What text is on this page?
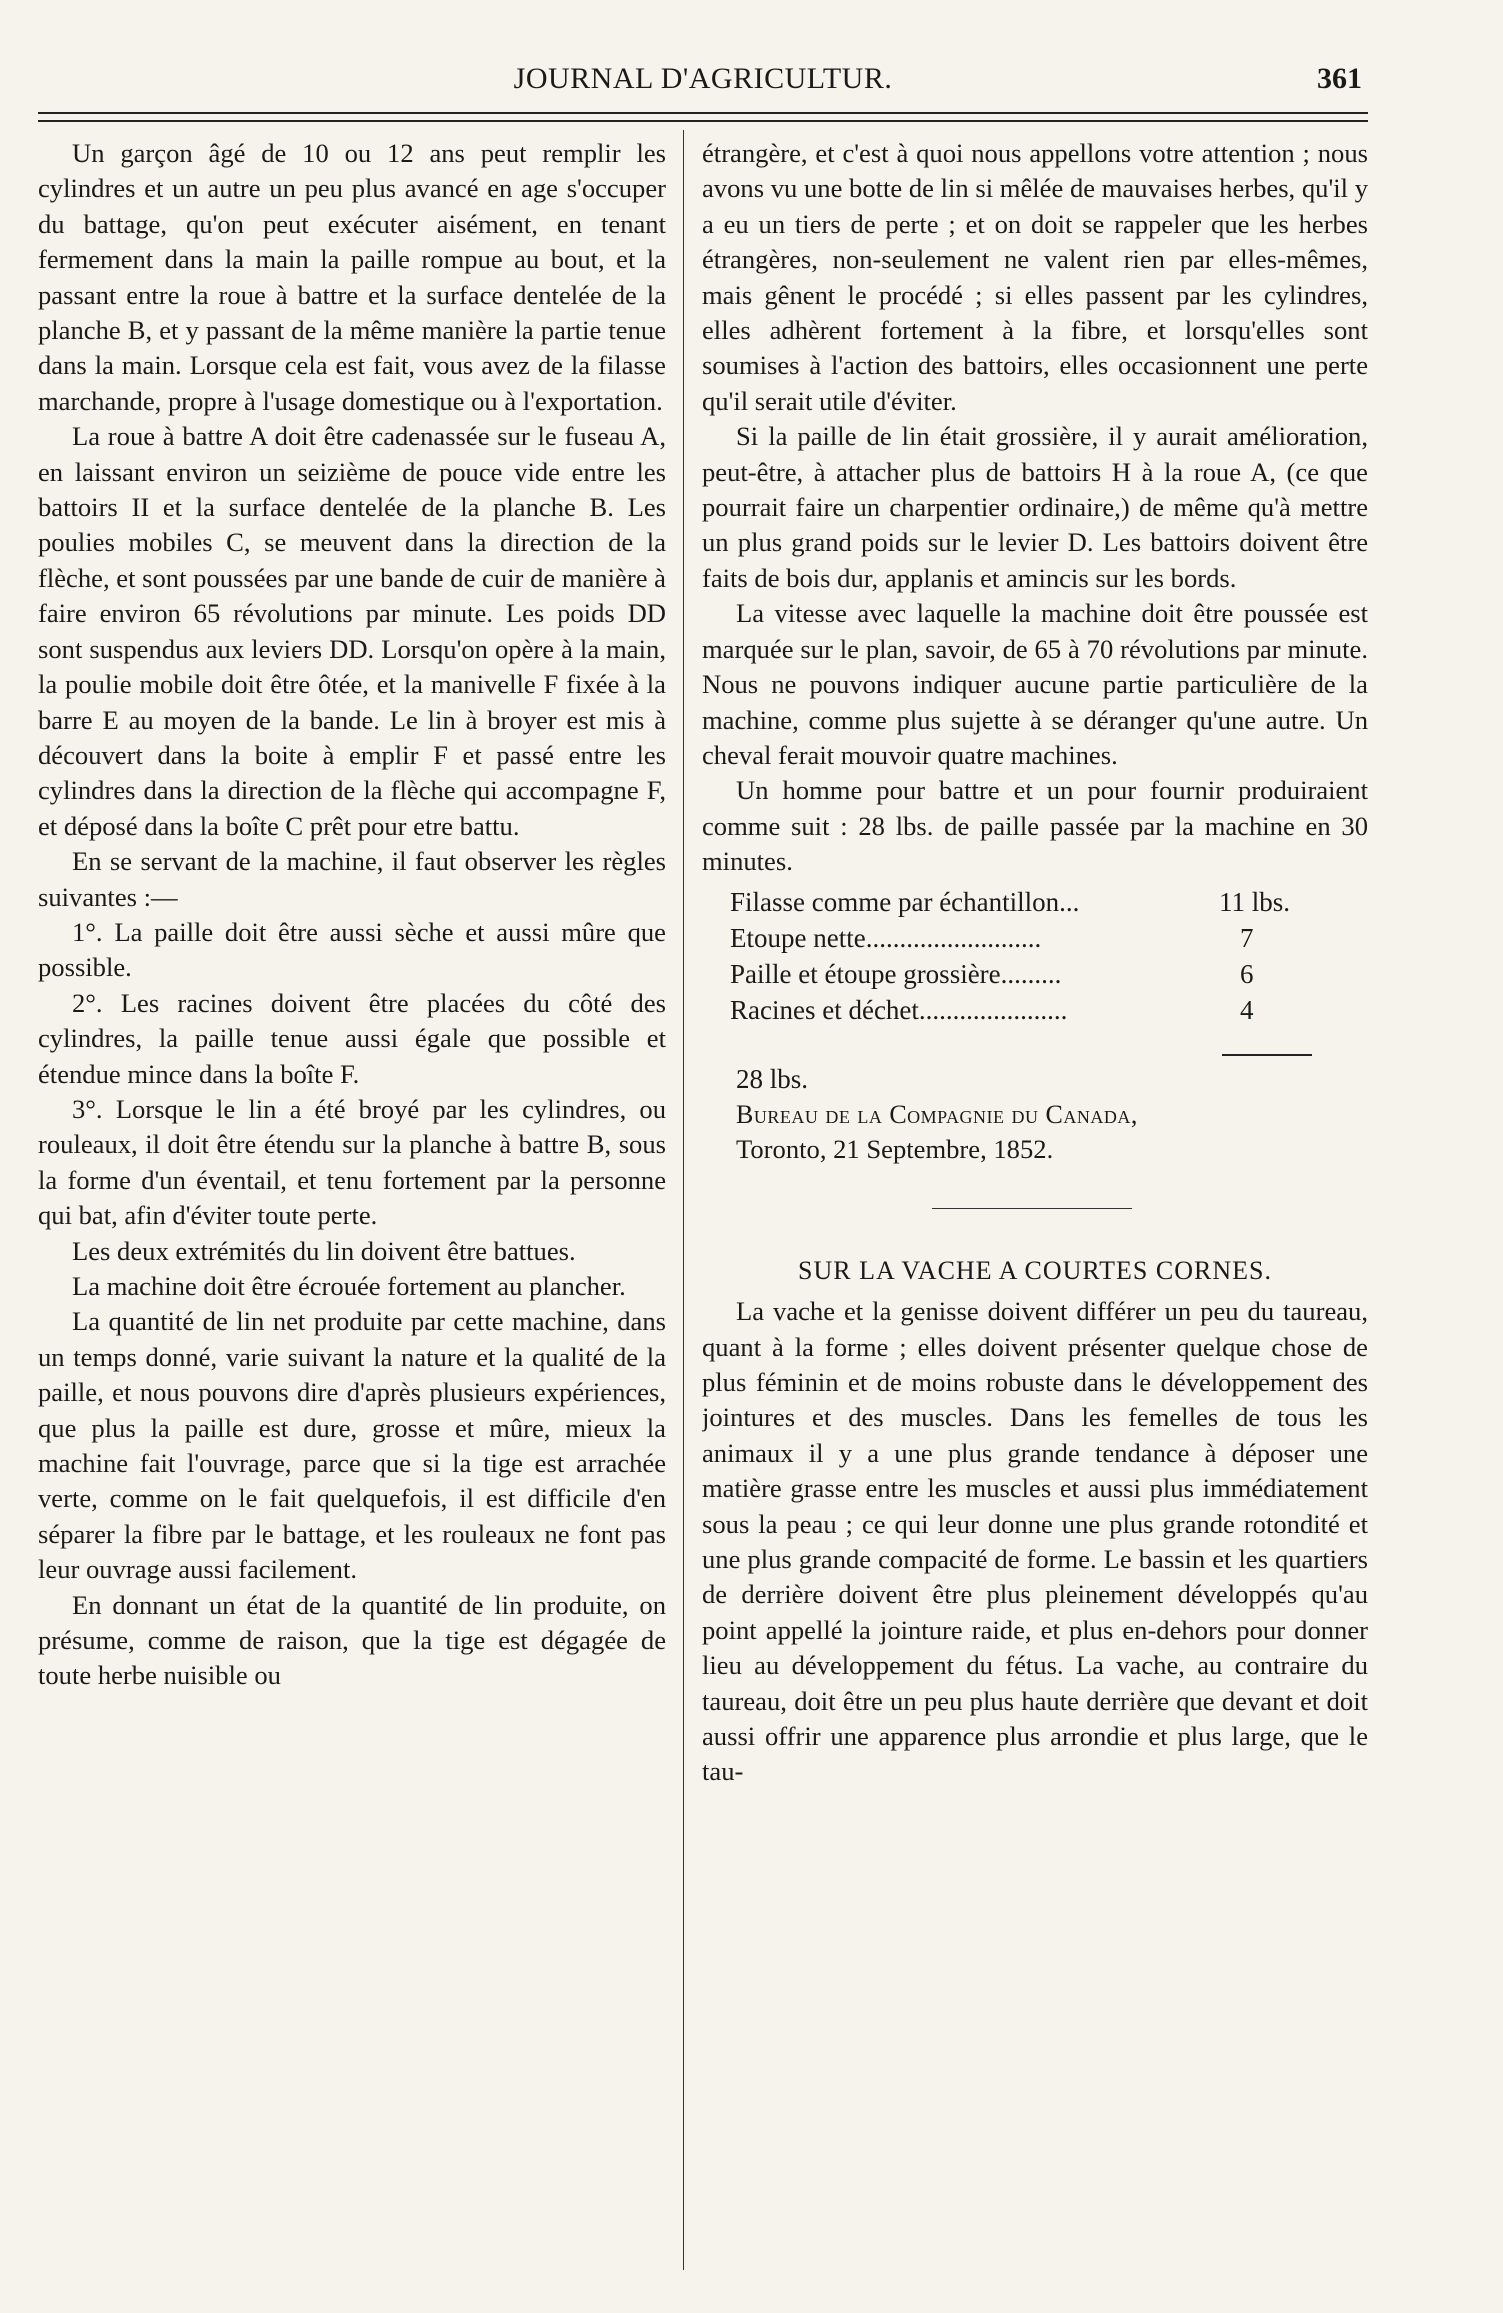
JOURNAL D'AGRICULTUR.	361

Un garçon âgé de 10 ou 12 ans peut remplir les cylindres et un autre un peu plus avancé en age s'occuper du battage, qu'on peut exécuter aisément, en tenant fermement dans la main la paille rompue au bout, et la passant entre la roue à battre et la surface dentelée de la planche B, et y passant de la même manière la partie tenue dans la main. Lorsque cela est fait, vous avez de la filasse marchande, propre à l'usage domestique ou à l'exportation.

La roue à battre A doit être cadenassée sur le fuseau A, en laissant environ un seizième de pouce vide entre les battoirs II et la surface dentelée de la planche B. Les poulies mobiles C, se meuvent dans la direction de la flèche, et sont poussées par une bande de cuir de manière à faire environ 65 révolutions par minute. Les poids DD sont suspendus aux leviers DD. Lorsqu'on opère à la main, la poulie mobile doit être ôtée, et la manivelle F fixée à la barre E au moyen de la bande. Le lin à broyer est mis à découvert dans la boite à emplir F et passé entre les cylindres dans la direction de la flèche qui accompagne F, et déposé dans la boîte C prêt pour etre battu.

En se servant de la machine, il faut observer les règles suivantes :—

1°. La paille doit être aussi sèche et aussi mûre que possible.

2°. Les racines doivent être placées du côté des cylindres, la paille tenue aussi égale que possible et étendue mince dans la boîte F.

3°. Lorsque le lin a été broyé par les cylindres, ou rouleaux, il doit être étendu sur la planche à battre B, sous la forme d'un éventail, et tenu fortement par la personne qui bat, afin d'éviter toute perte.

Les deux extrémités du lin doivent être battues.

La machine doit être écrouée fortement au plancher.

La quantité de lin net produite par cette machine, dans un temps donné, varie suivant la nature et la qualité de la paille, et nous pouvons dire d'après plusieurs expériences, que plus la paille est dure, grosse et mûre, mieux la machine fait l'ouvrage, parce que si la tige est arrachée verte, comme on le fait quelquefois, il est difficile d'en séparer la fibre par le battage, et les rouleaux ne font pas leur ouvrage aussi facilement.

En donnant un état de la quantité de lin produite, on présume, comme de raison, que la tige est dégagée de toute herbe nuisible ou

étrangère, et c'est à quoi nous appellons votre attention ; nous avons vu une botte de lin si mêlée de mauvaises herbes, qu'il y a eu un tiers de perte ; et on doit se rappeler que les herbes étrangères, non-seulement ne valent rien par elles-mêmes, mais gênent le procédé ; si elles passent par les cylindres, elles adhèrent fortement à la fibre, et lorsqu'elles sont soumises à l'action des battoirs, elles occasionnent une perte qu'il serait utile d'éviter.

Si la paille de lin était grossière, il y aurait amélioration, peut-être, à attacher plus de battoirs H à la roue A, (ce que pourrait faire un charpentier ordinaire,) de même qu'à mettre un plus grand poids sur le levier D. Les battoirs doivent être faits de bois dur, applanis et amincis sur les bords.

La vitesse avec laquelle la machine doit être poussée est marquée sur le plan, savoir, de 65 à 70 révolutions par minute. Nous ne pouvons indiquer aucune partie particulière de la machine, comme plus sujette à se déranger qu'une autre. Un cheval ferait mouvoir quatre machines.

Un homme pour battre et un pour fournir produiraient comme suit : 28 lbs. de paille passée par la machine en 30 minutes.

Filasse comme par échantillon...	11 lbs.
Etoupe nette..........................	7
Paille et étoupe grossière.........	6
Racines et déchet......................	4

28 lbs.

Bureau de la Compagnie du Canada,

Toronto, 21 Septembre, 1852.

SUR LA VACHE A COURTES CORNES.

La vache et la genisse doivent différer un peu du taureau, quant à la forme ; elles doivent présenter quelque chose de plus féminin et de moins robuste dans le développement des jointures et des muscles. Dans les femelles de tous les animaux il y a une plus grande tendance à déposer une matière grasse entre les muscles et aussi plus immédiatement sous la peau ; ce qui leur donne une plus grande rotondité et une plus grande compacité de forme. Le bassin et les quartiers de derrière doivent être plus pleinement développés qu'au point appellé la jointure raide, et plus en-dehors pour donner lieu au développement du fétus. La vache, au contraire du taureau, doit être un peu plus haute derrière que devant et doit aussi offrir une apparence plus arrondie et plus large, que le tau-
